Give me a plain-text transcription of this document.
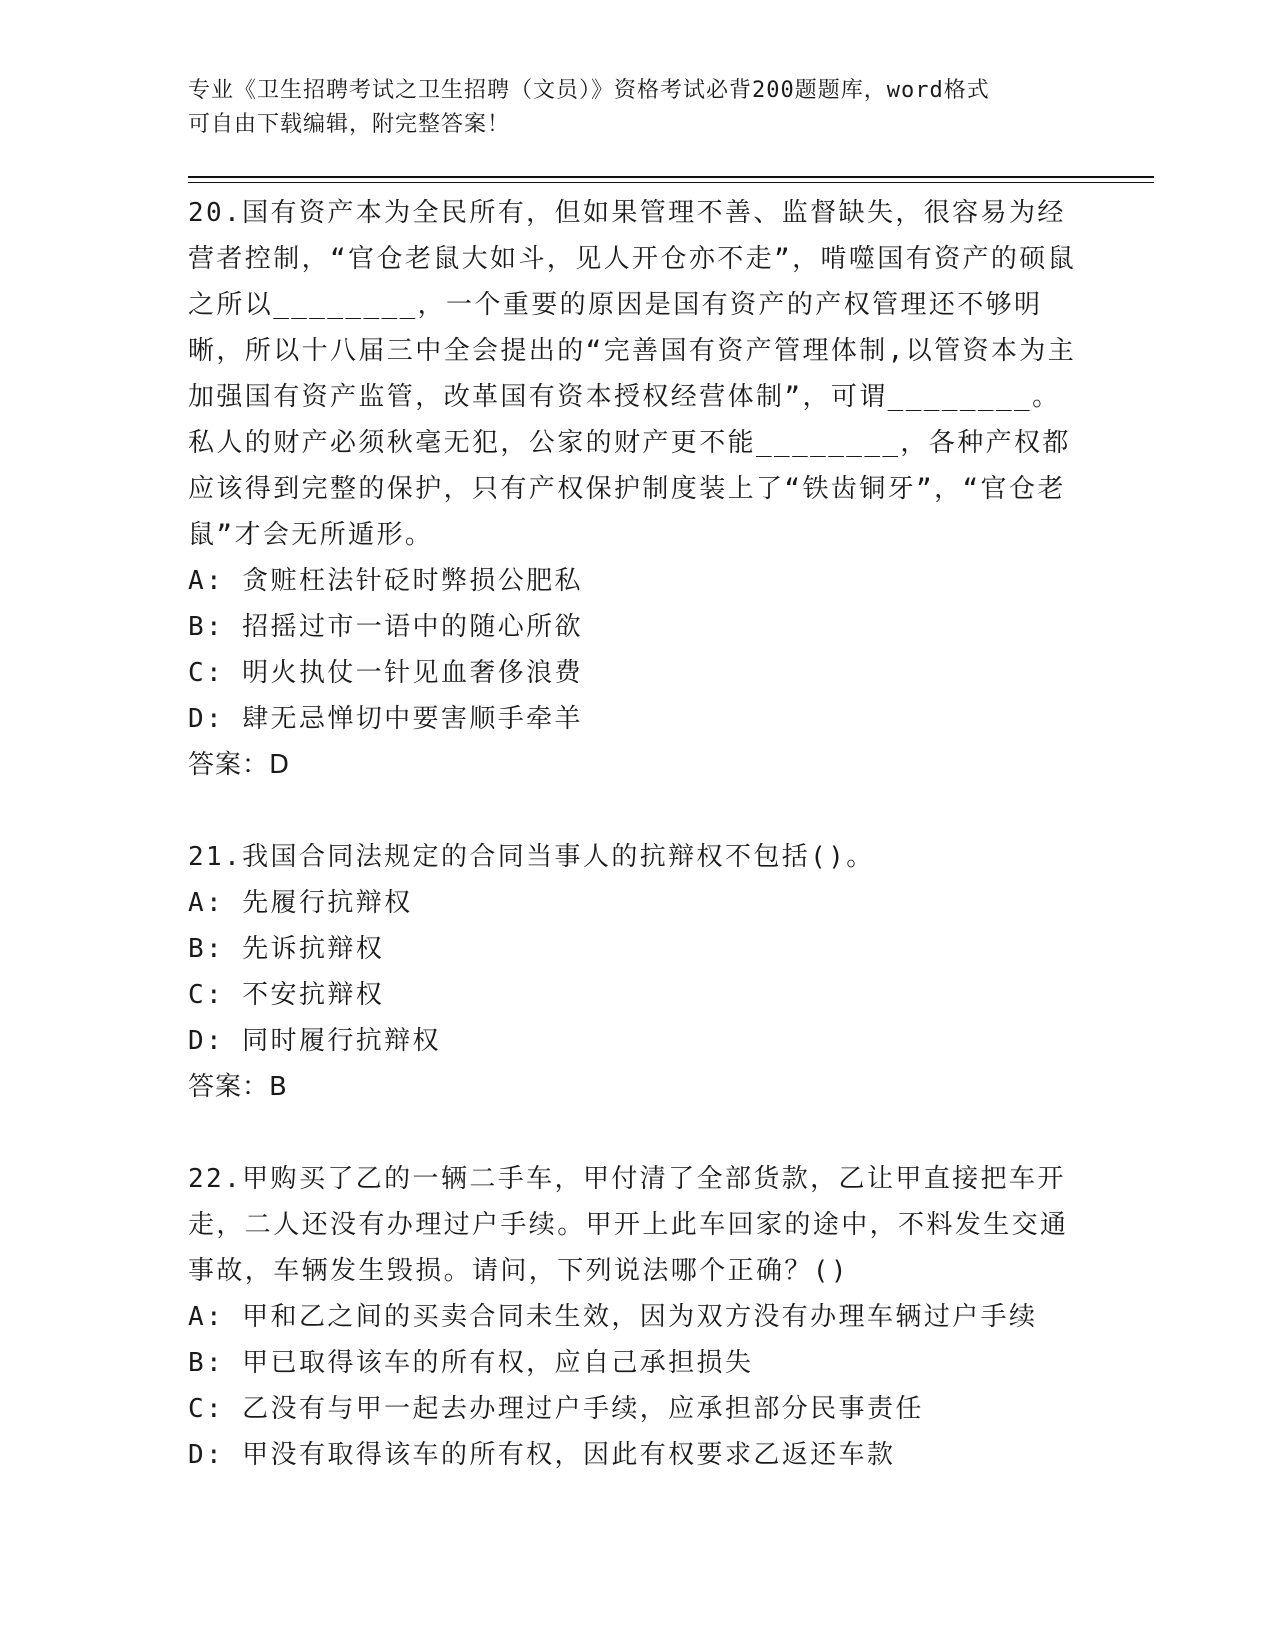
专业《卫生招聘考试之卫生招聘（文员）》资格考试必背200题题库，word格式
可自由下载编辑，附完整答案！

20.国有资产本为全民所有，但如果管理不善、监督缺失，很容易为经营者控制，“官仓老鼠大如斗，见人开仓亦不走”，啃噬国有资产的硕鼠之所以________，一个重要的原因是国有资产的产权管理还不够明晰，所以十八届三中全会提出的“完善国有资产管理体制,以管资本为主加强国有资产监管，改革国有资本授权经营体制”，可谓________。私人的财产必须秋毫无犯，公家的财产更不能________，各种产权都应该得到完整的保护，只有产权保护制度装上了“铁齿铜牙”，“官仓老鼠”才会无所遁形。

A: 贪赃枉法针砭时弊损公肥私

B: 招摇过市一语中的随心所欲

C: 明火执仗一针见血奢侈浪费

D: 肆无忌惮切中要害顺手牵羊

答案：D

21.我国合同法规定的合同当事人的抗辩权不包括()。

A: 先履行抗辩权

B: 先诉抗辩权

C: 不安抗辩权

D: 同时履行抗辩权

答案：B

22.甲购买了乙的一辆二手车，甲付清了全部货款，乙让甲直接把车开走，二人还没有办理过户手续。甲开上此车回家的途中，不料发生交通事故，车辆发生毁损。请问，下列说法哪个正确？()

A: 甲和乙之间的买卖合同未生效，因为双方没有办理车辆过户手续

B: 甲已取得该车的所有权，应自己承担损失

C: 乙没有与甲一起去办理过户手续，应承担部分民事责任

D: 甲没有取得该车的所有权，因此有权要求乙返还车款
